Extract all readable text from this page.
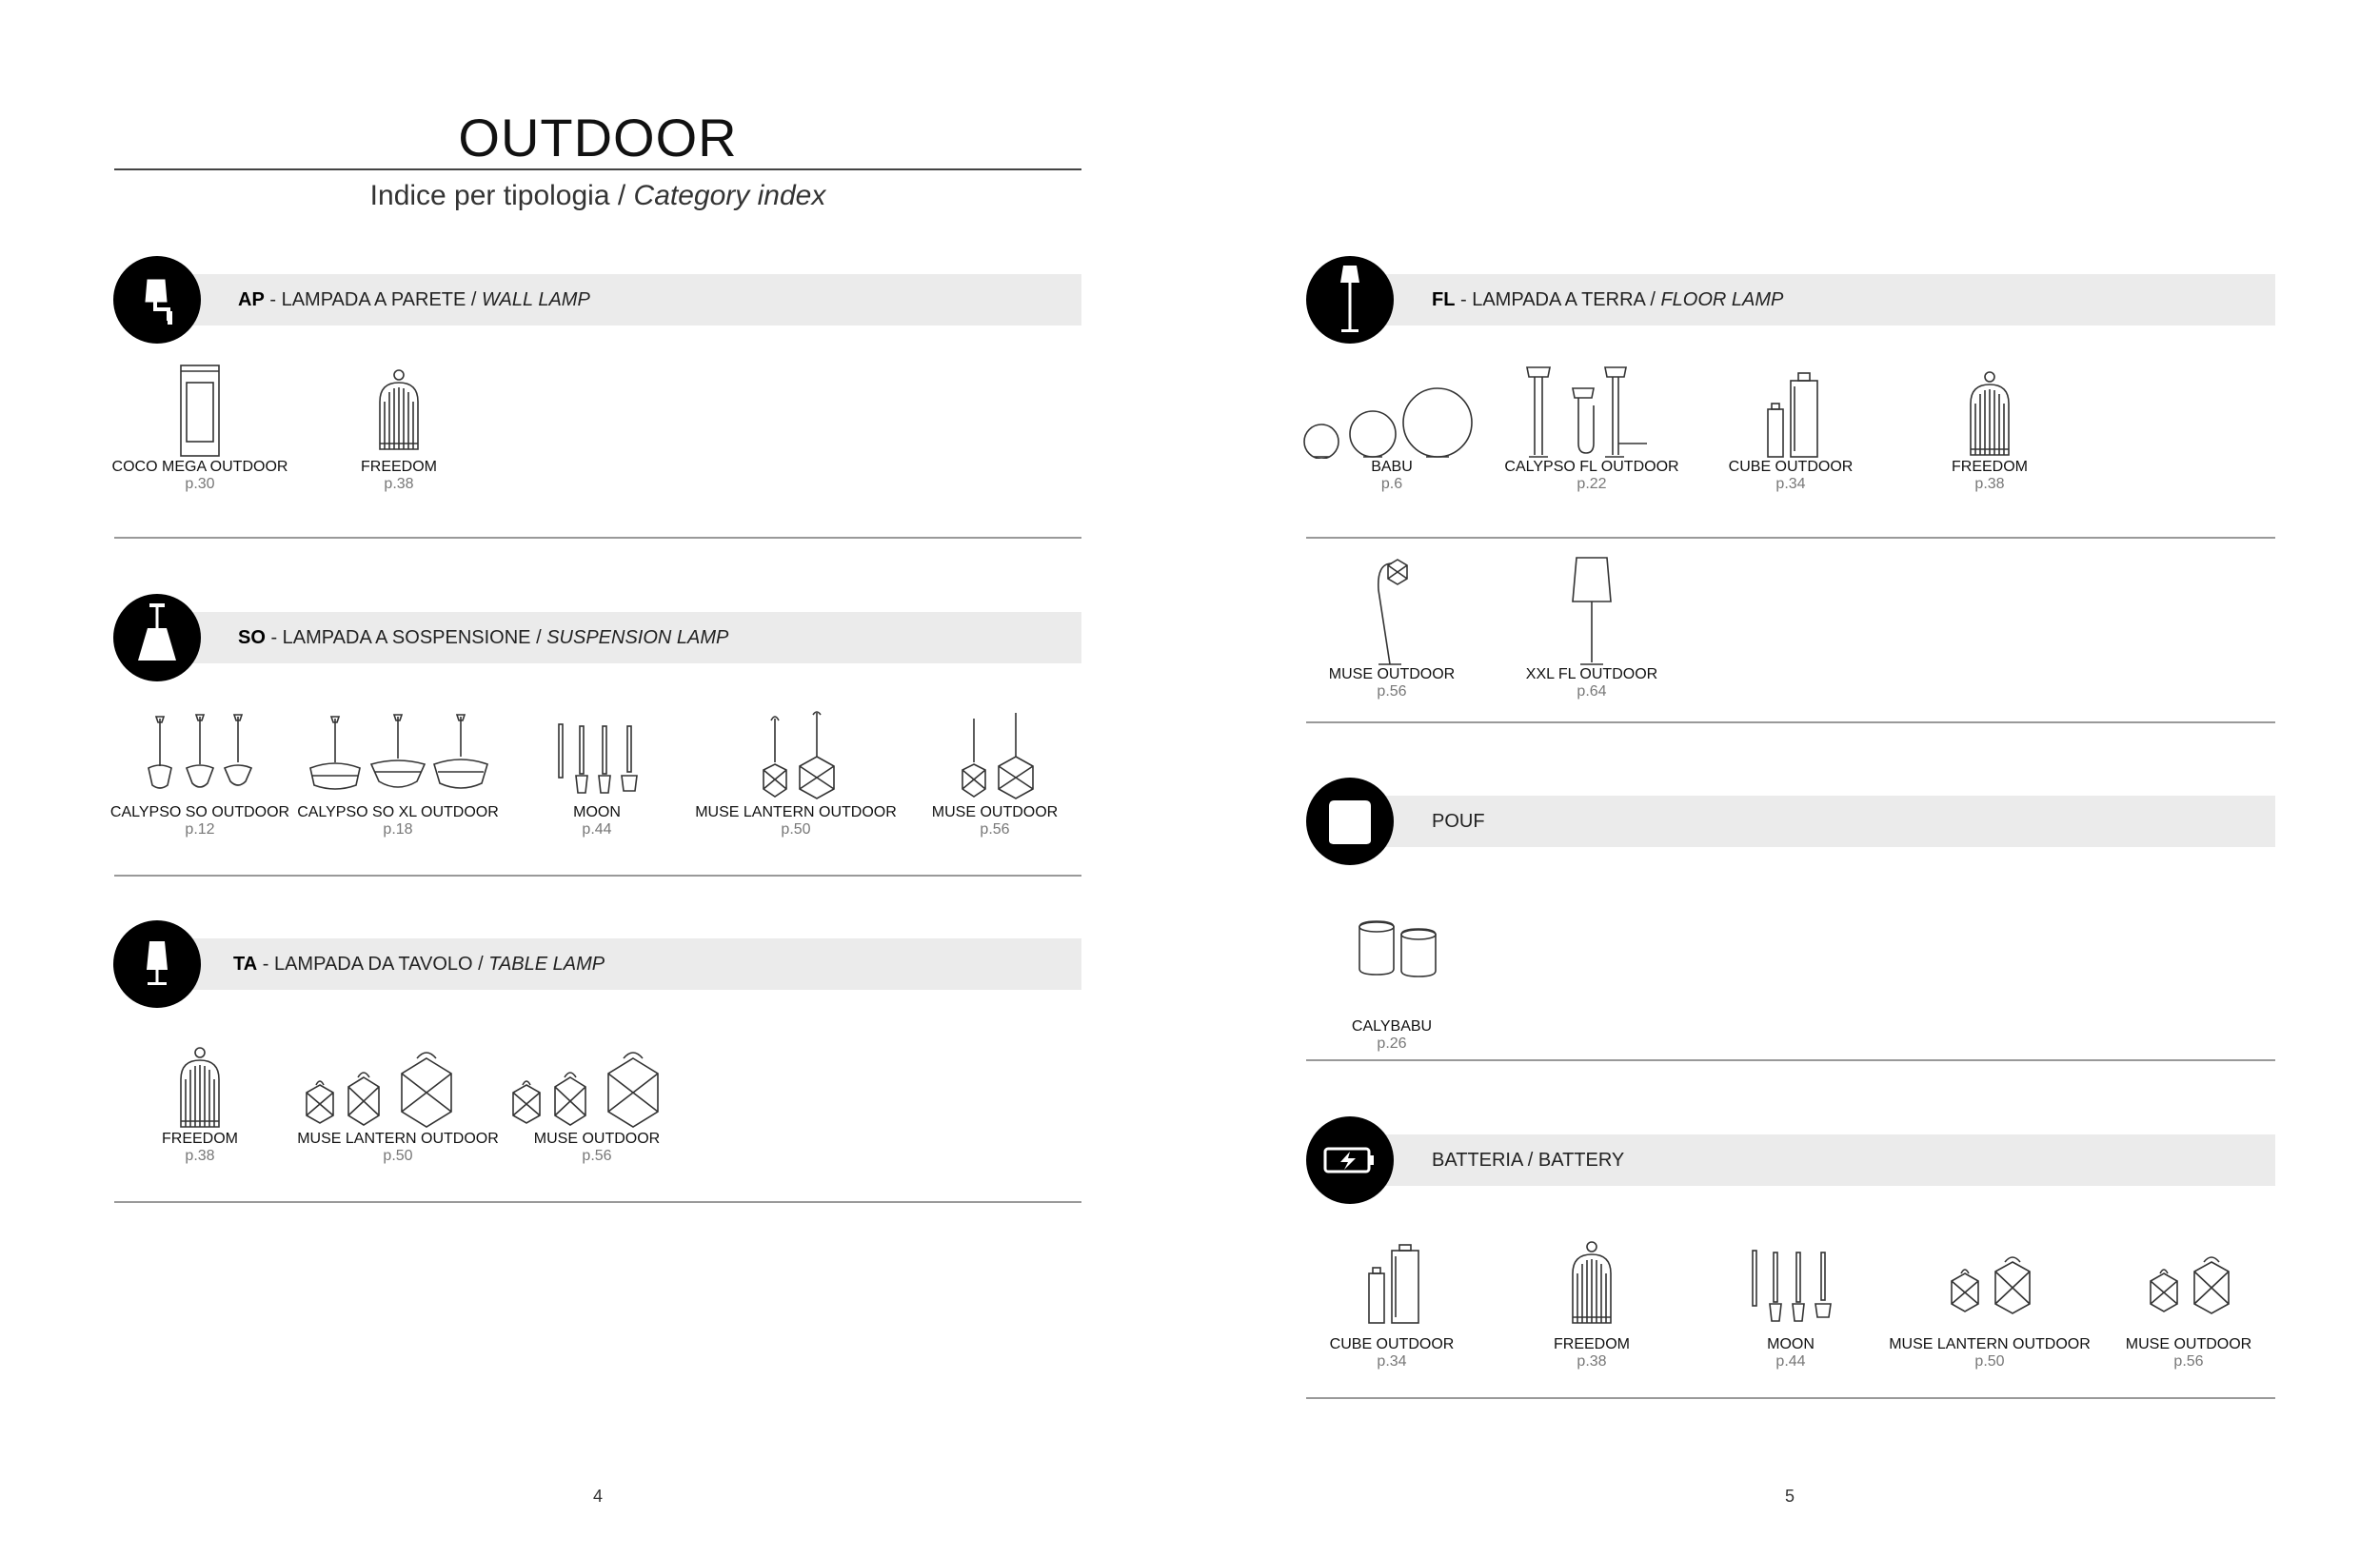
OUTDOOR
Indice per tipologia / Category index
AP - LAMPADA A PARETE / WALL LAMP
COCO MEGA OUTDOOR
p.30
FREEDOM
p.38
SO - LAMPADA A SOSPENSIONE / SUSPENSION LAMP
CALYPSO SO OUTDOOR
p.12
CALYPSO SO XL OUTDOOR
p.18
MOON
p.44
MUSE LANTERN OUTDOOR
p.50
MUSE OUTDOOR
p.56
TA - LAMPADA DA TAVOLO / TABLE LAMP
FREEDOM
p.38
MUSE LANTERN OUTDOOR
p.50
MUSE OUTDOOR
p.56
FL - LAMPADA A TERRA / FLOOR LAMP
BABU
p.6
CALYPSO FL OUTDOOR
p.22
CUBE OUTDOOR
p.34
FREEDOM
p.38
MUSE OUTDOOR
p.56
XXL FL OUTDOOR
p.64
POUF
CALYBABU
p.26
BATTERIA / BATTERY
CUBE OUTDOOR
p.34
FREEDOM
p.38
MOON
p.44
MUSE LANTERN OUTDOOR
p.50
MUSE OUTDOOR
p.56
4	5
